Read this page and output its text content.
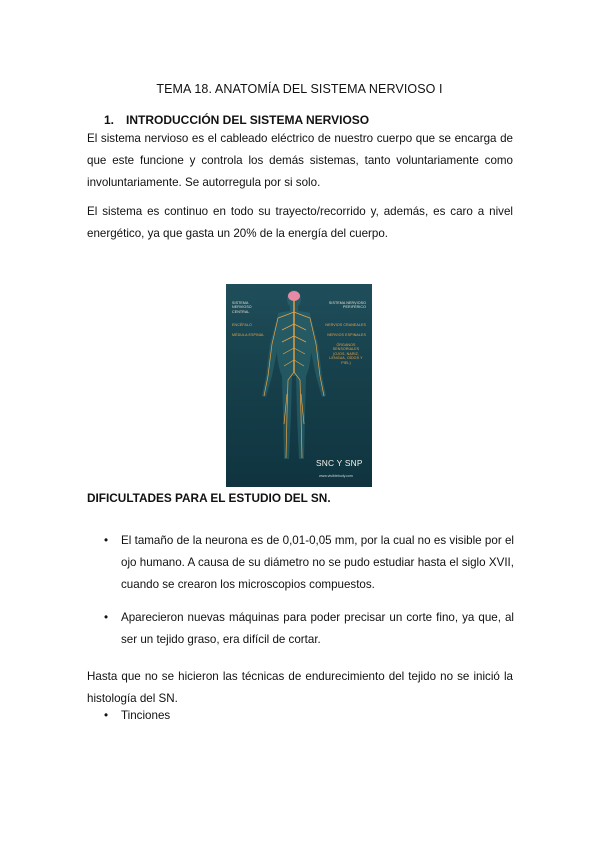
TEMA 18. ANATOMÍA DEL SISTEMA NERVIOSO I
1. INTRODUCCIÓN DEL SISTEMA NERVIOSO
El sistema nervioso es el cableado eléctrico de nuestro cuerpo que se encarga de que este funcione y controla los demás sistemas, tanto voluntariamente como involuntariamente. Se autorregula por si solo.
El sistema es continuo en todo su trayecto/recorrido y, además, es caro a nivel energético, ya que gasta un 20% de la energía del cuerpo.
SISTEMA NERVIOSO CENTRAL
ENCÉFALO
MÉDULA ESPINAL
SISTEMA NERVIOSO PERIFÉRICO
NERVIOS CRANEALES
NERVIOS ESPINALES
ÓRGANOS SENSORIALES (OJOS, NARIZ, LENGUA, OÍDOS Y PIEL)
SNC Y SNP
www.visiblebody.com
DIFICULTADES PARA EL ESTUDIO DEL SN.
•	El tamaño de la neurona es de 0,01-0,05 mm, por la cual no es visible por el ojo humano. A causa de su diámetro no se pudo estudiar hasta el siglo XVII, cuando se crearon los microscopios compuestos.
•	Aparecieron nuevas máquinas para poder precisar un corte fino, ya que, al ser un tejido graso, era difícil de cortar.
Hasta que no se hicieron las técnicas de endurecimiento del tejido no se inició la histología del SN.
•	Tinciones
